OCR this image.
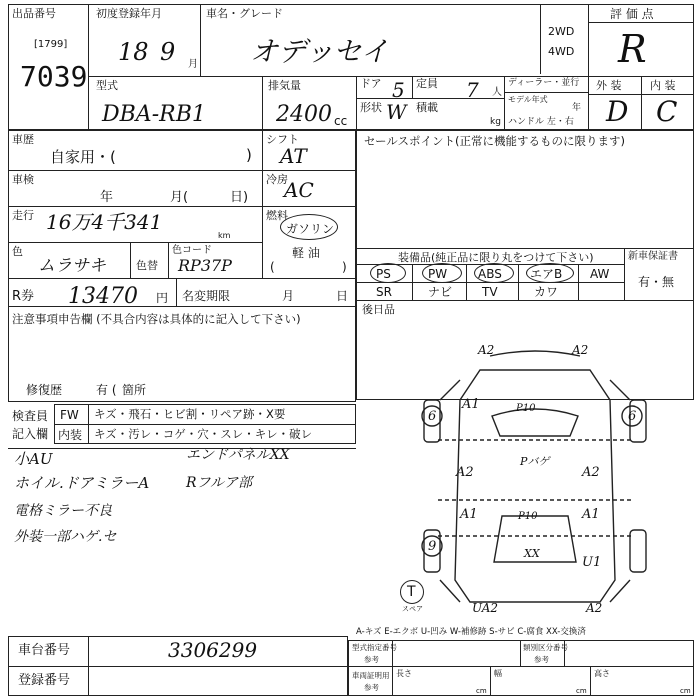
出品番号
[1799]
7039
初度登録年月
18 9 月
車名・グレード
オデッセイ
2WD
4WD
評 価 点
R
型式
DBA-RB1
排気量
2400 cc
ドア 5 定員 7 人
形状 W 積載
kg
ディーラー・並行
モデル年式
年
ハンドル 左・右
外 装	内 装
D C
車歴
自家用・(	)
シフト
AT
車検
年	月(	日)
冷房
AC
走行 16万4千341
km
燃料
ガソリン
軽 油
(	)
色
ムラサキ	色替
色コード
RP37P
R券 13470 円 名変期限	月	日
注意事項申告欄 (不具合内容は具体的に記入して下さい)
修復歴	有 ( 箇所
セールスポイント(正常に機能するものに限ります)
装備品(純正品に限り丸をつけて下さい)	新車保証書
有・無
PS	PW	ABS エアB AW
SR	ナビ TV	カワ
後日品
検査員
記入欄
FW キズ・飛石・ヒビ割・リペア跡・X要
内装 キズ・汚レ・コゲ・穴・スレ・キレ・破レ
小AU
ホイル.ドアミラーA
電格ミラー不良
外装一部ハゲ.セ
エンドパネルXX
Rフルア部
A2	A2
P10
A1
6	6
Pバゲ
A2	A2
A1	A1
P10
XX
9
U1
UA2	A2
T
スペア
A-キズ E-エクボ U-凹み W-補修跡 S-サビ C-腐食 XX-交換済
車台番号	3306299
登録番号
型式指定番号
参考
類別区分番号
参考
車両証明用
参考
長さ
cm
幅
cm
高さ
cm
